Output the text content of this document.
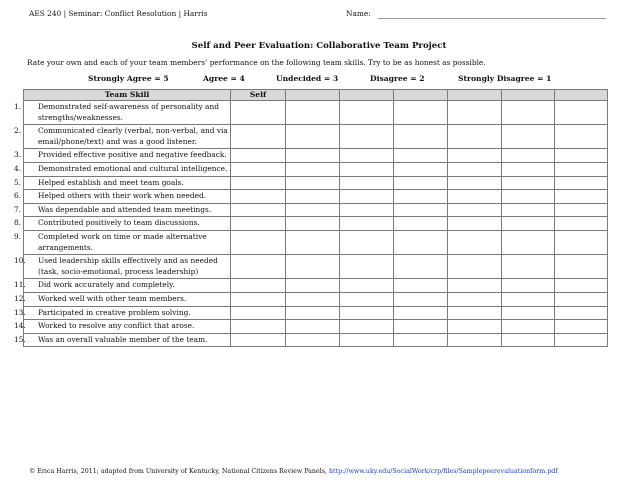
AES 240 | Seminar: Conflict Resolution | Harris	Name:
Self and Peer Evaluation: Collaborative Team Project
Rate your own and each of your team members’ performance on the following team skills. Try to be as honest as possible.
Strongly Agree = 5	Agree = 4	Undecided = 3	Disagree = 2	Strongly Disagree = 1
Team Skill	Self						

1. Demonstrated self-awareness of personality and strengths/weaknesses.							

2. Communicated clearly (verbal, non-verbal, and via email/phone/text) and was a good listener.							

3. Provided effective positive and negative feedback.							

4. Demonstrated emotional and cultural intelligence.							

5. Helped establish and meet team goals.							

6. Helped others with their work when needed.							

7. Was dependable and attended team meetings.							

8. Contributed positively to team discussions.							

9. Completed work on time or made alternative arrangements.							

10. Used leadership skills effectively and as needed (task, socio-emotional, process leadership)							

11. Did work accurately and completely.							

12. Worked well with other team members.							

13. Participated in creative problem solving.							

14. Worked to resolve any conflict that arose.							

15. Was an overall valuable member of the team.							

© Erica Harris, 2011; adapted from University of Kentucky, National Citizens Review Panels, http://www.uky.edu/SocialWork/crp/files/Samplepeerevaluationform.pdf
